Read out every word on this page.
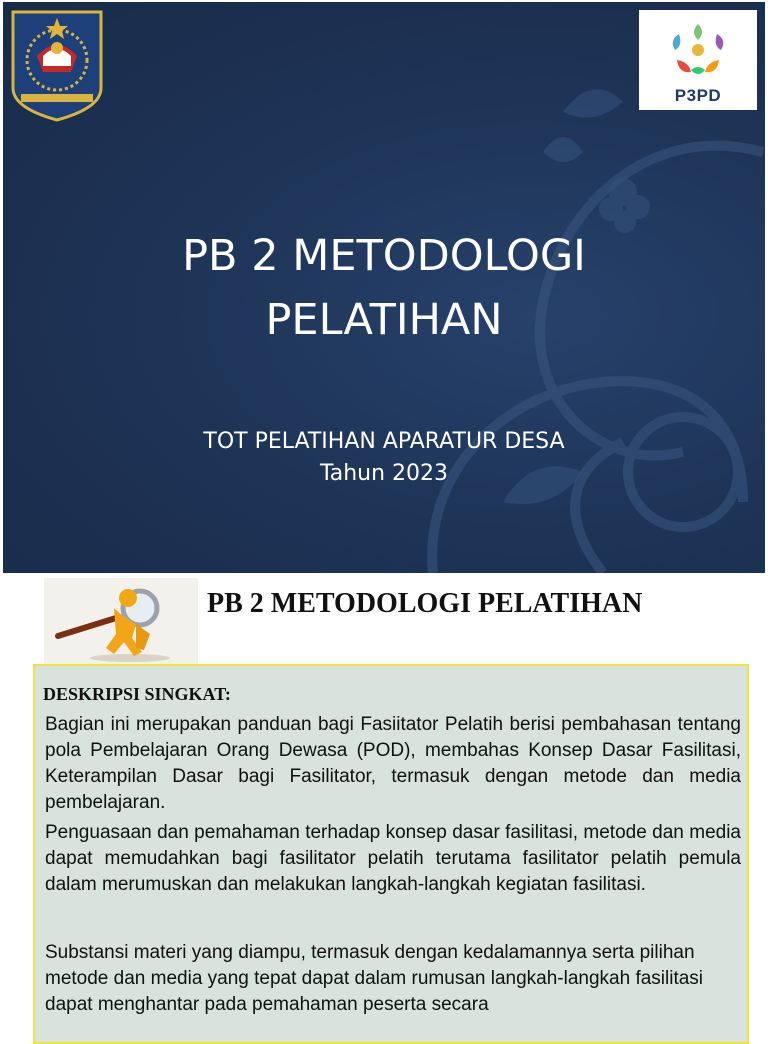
P3PD
PB 2 METODOLOGI
PELATIHAN
TOT PELATIHAN APARATUR DESA
Tahun 2023
PB 2 METODOLOGI PELATIHAN
DESKRIPSI SINGKAT:

Bagian ini merupakan panduan bagi Fasiitator Pelatih berisi pembahasan tentang pola Pembelajaran Orang Dewasa (POD), membahas Konsep Dasar Fasilitasi, Keterampilan Dasar bagi Fasilitator, termasuk dengan metode dan media pembelajaran.

Penguasaan dan pemahaman terhadap konsep dasar fasilitasi, metode dan media dapat memudahkan bagi fasilitator pelatih terutama fasilitator pelatih pemula dalam merumuskan dan melakukan langkah-langkah kegiatan fasilitasi.

Substansi materi yang diampu, termasuk dengan kedalamannya serta pilihan metode dan media yang tepat dapat dalam rumusan langkah-langkah fasilitasi dapat menghantar pada pemahaman peserta secara
